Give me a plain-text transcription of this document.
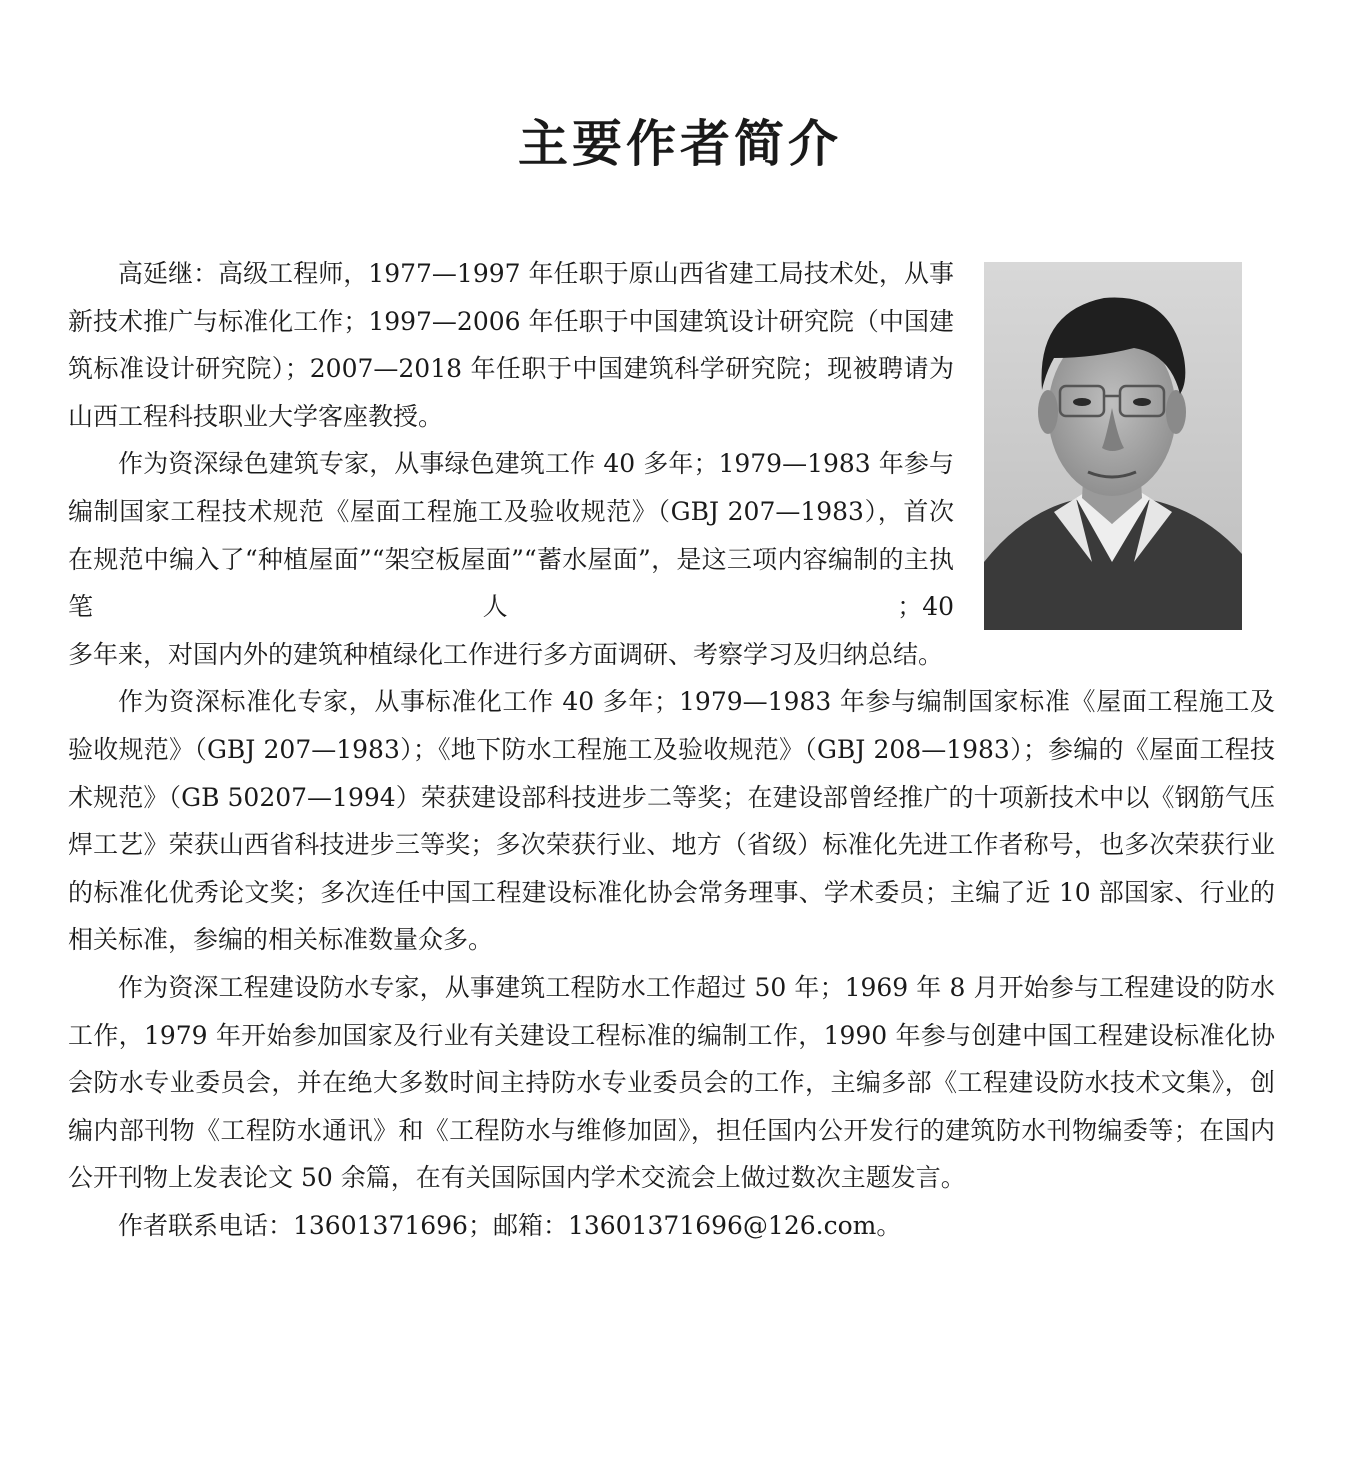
主要作者简介

高延继：高级工程师，1977—1997 年任职于原山西省建工局技术处，从事新技术推广与标准化工作；1997—2006 年任职于中国建筑设计研究院（中国建筑标准设计研究院）；2007—2018 年任职于中国建筑科学研究院；现被聘请为山西工程科技职业大学客座教授。

作为资深绿色建筑专家，从事绿色建筑工作 40 多年；1979—1983 年参与编制国家工程技术规范《屋面工程施工及验收规范》（GBJ 207—1983），首次在规范中编入了“种植屋面”“架空板屋面”“蓄水屋面”，是这三项内容编制的主执笔人；40

多年来，对国内外的建筑种植绿化工作进行多方面调研、考察学习及归纳总结。

作为资深标准化专家，从事标准化工作 40 多年；1979—1983 年参与编制国家标准《屋面工程施工及验收规范》（GBJ 207—1983）；《地下防水工程施工及验收规范》（GBJ 208—1983）；参编的《屋面工程技术规范》（GB 50207—1994）荣获建设部科技进步二等奖；在建设部曾经推广的十项新技术中以《钢筋气压焊工艺》荣获山西省科技进步三等奖；多次荣获行业、地方（省级）标准化先进工作者称号，也多次荣获行业的标准化优秀论文奖；多次连任中国工程建设标准化协会常务理事、学术委员；主编了近 10 部国家、行业的相关标准，参编的相关标准数量众多。

作为资深工程建设防水专家，从事建筑工程防水工作超过 50 年；1969 年 8 月开始参与工程建设的防水工作，1979 年开始参加国家及行业有关建设工程标准的编制工作，1990 年参与创建中国工程建设标准化协会防水专业委员会，并在绝大多数时间主持防水专业委员会的工作，主编多部《工程建设防水技术文集》，创编内部刊物《工程防水通讯》和《工程防水与维修加固》，担任国内公开发行的建筑防水刊物编委等；在国内公开刊物上发表论文 50 余篇，在有关国际国内学术交流会上做过数次主题发言。

作者联系电话：13601371696；邮箱：13601371696@126.com。
